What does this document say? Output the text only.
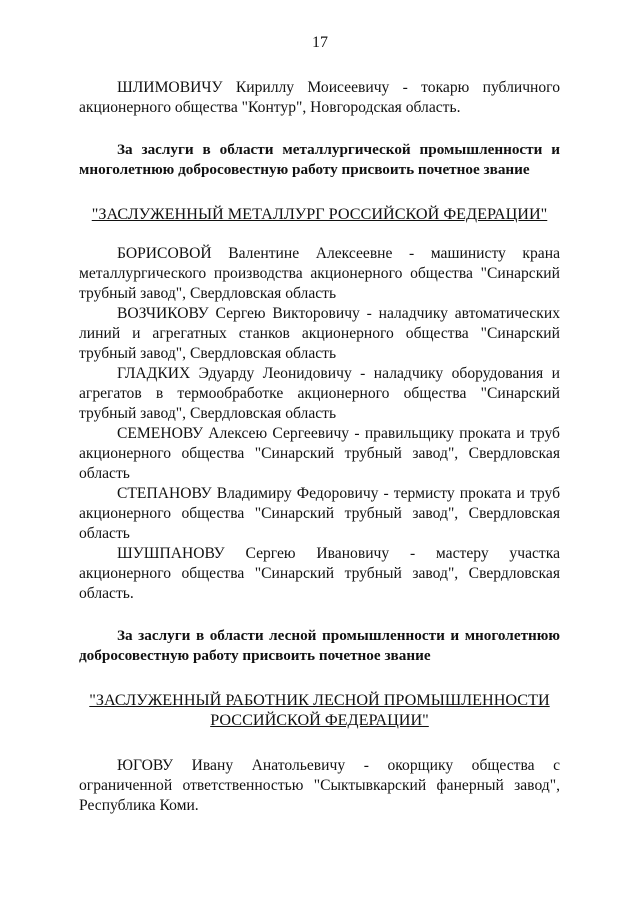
17

ШЛИМОВИЧУ Кириллу Моисеевичу - токарю публичного акционерного общества "Контур", Новгородская область.

За заслуги в области металлургической промышленности и многолетнюю добросовестную работу присвоить почетное звание

"ЗАСЛУЖЕННЫЙ МЕТАЛЛУРГ РОССИЙСКОЙ ФЕДЕРАЦИИ"

БОРИСОВОЙ Валентине Алексеевне - машинисту крана металлургического производства акционерного общества "Синарский трубный завод", Свердловская область

ВОЗЧИКОВУ Сергею Викторовичу - наладчику автоматических линий и агрегатных станков акционерного общества "Синарский трубный завод", Свердловская область

ГЛАДКИХ Эдуарду Леонидовичу - наладчику оборудования и агрегатов в термообработке акционерного общества "Синарский трубный завод", Свердловская область

СЕМЕНОВУ Алексею Сергеевичу - правильщику проката и труб акционерного общества "Синарский трубный завод", Свердловская область

СТЕПАНОВУ Владимиру Федоровичу - термисту проката и труб акционерного общества "Синарский трубный завод", Свердловская область

ШУШПАНОВУ Сергею Ивановичу - мастеру участка акционерного общества "Синарский трубный завод", Свердловская область.

За заслуги в области лесной промышленности и многолетнюю добросовестную работу присвоить почетное звание

"ЗАСЛУЖЕННЫЙ РАБОТНИК ЛЕСНОЙ ПРОМЫШЛЕННОСТИ

РОССИЙСКОЙ ФЕДЕРАЦИИ"

ЮГОВУ Ивану Анатольевичу - окорщику общества с ограниченной ответственностью "Сыктывкарский фанерный завод", Республика Коми.
